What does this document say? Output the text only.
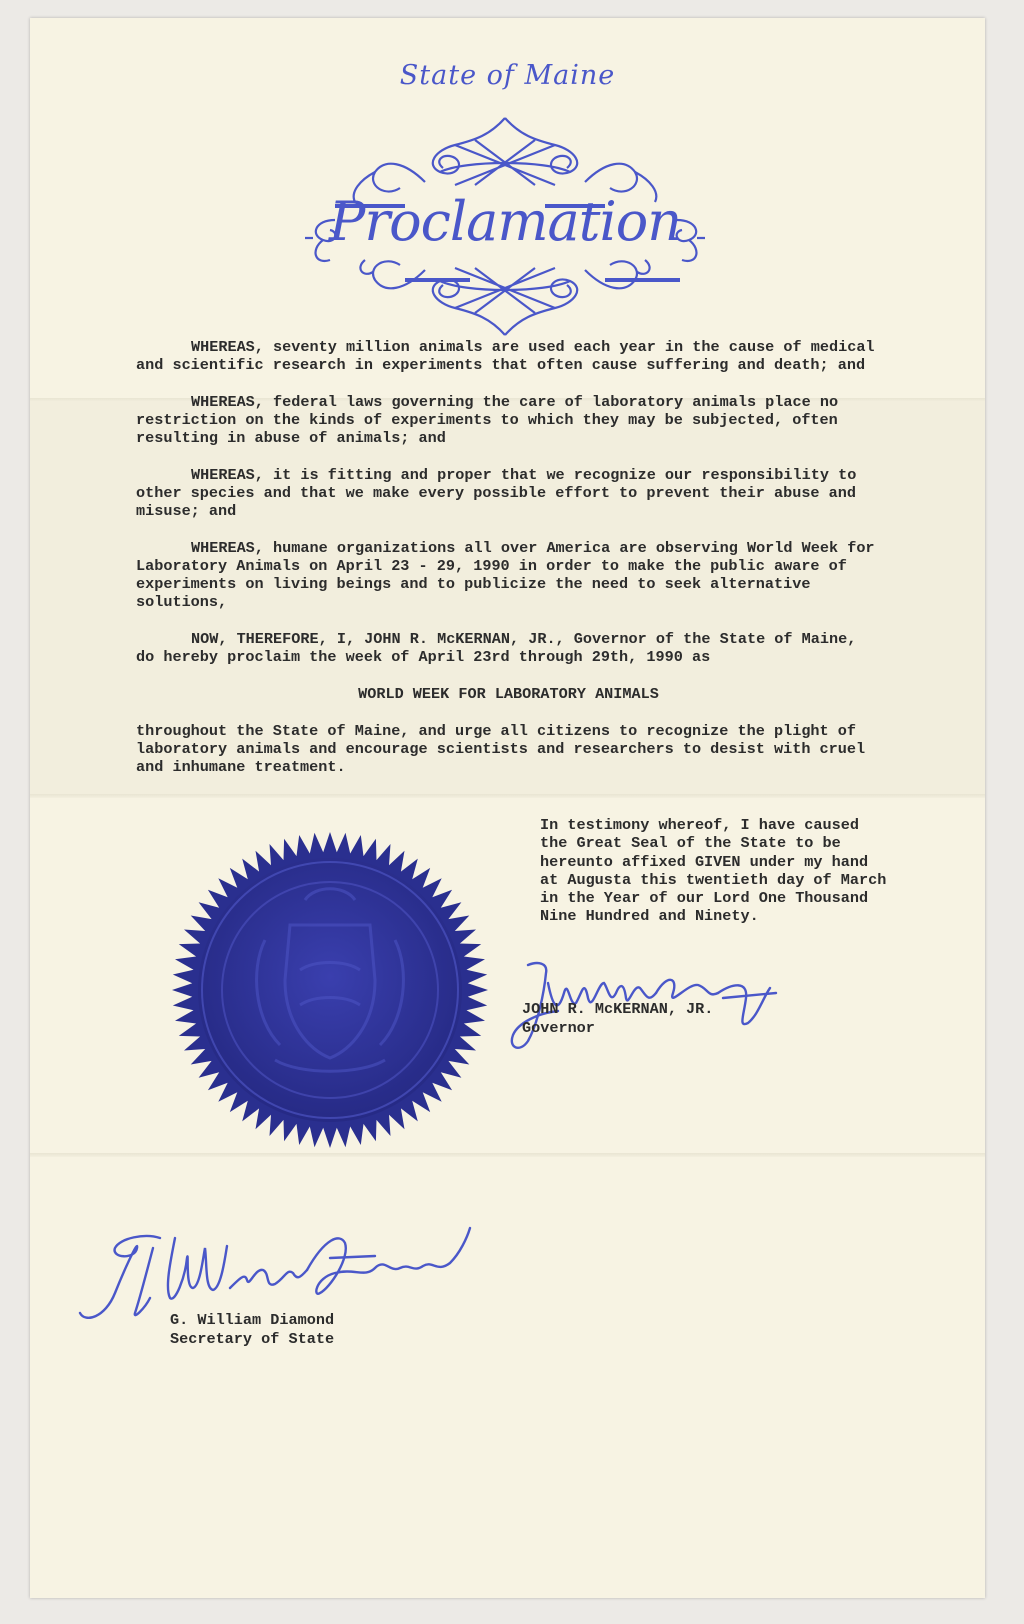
State of Maine
Proclamation

WHEREAS, seventy million animals are used each year in the cause of medical and scientific research in experiments that often cause suffering and death; and

WHEREAS, federal laws governing the care of laboratory animals place no restriction on the kinds of experiments to which they may be subjected, often resulting in abuse of animals; and

WHEREAS, it is fitting and proper that we recognize our responsibility to other species and that we make every possible effort to prevent their abuse and misuse; and

WHEREAS, humane organizations all over America are observing World Week for Laboratory Animals on April 23 - 29, 1990 in order to make the public aware of experiments on living beings and to publicize the need to seek alternative solutions,

NOW, THEREFORE, I, JOHN R. McKERNAN, JR., Governor of the State of Maine, do hereby proclaim the week of April 23rd through 29th, 1990 as

WORLD WEEK FOR LABORATORY ANIMALS

throughout the State of Maine, and urge all citizens to recognize the plight of laboratory animals and encourage scientists and researchers to desist with cruel and inhumane treatment.

In testimony whereof, I have caused the Great Seal of the State to be hereunto affixed GIVEN under my hand at Augusta this twentieth day of March in the Year of our Lord One Thousand Nine Hundred and Ninety.
JOHN R. McKERNAN, JR.
Governor
G. William Diamond
Secretary of State
